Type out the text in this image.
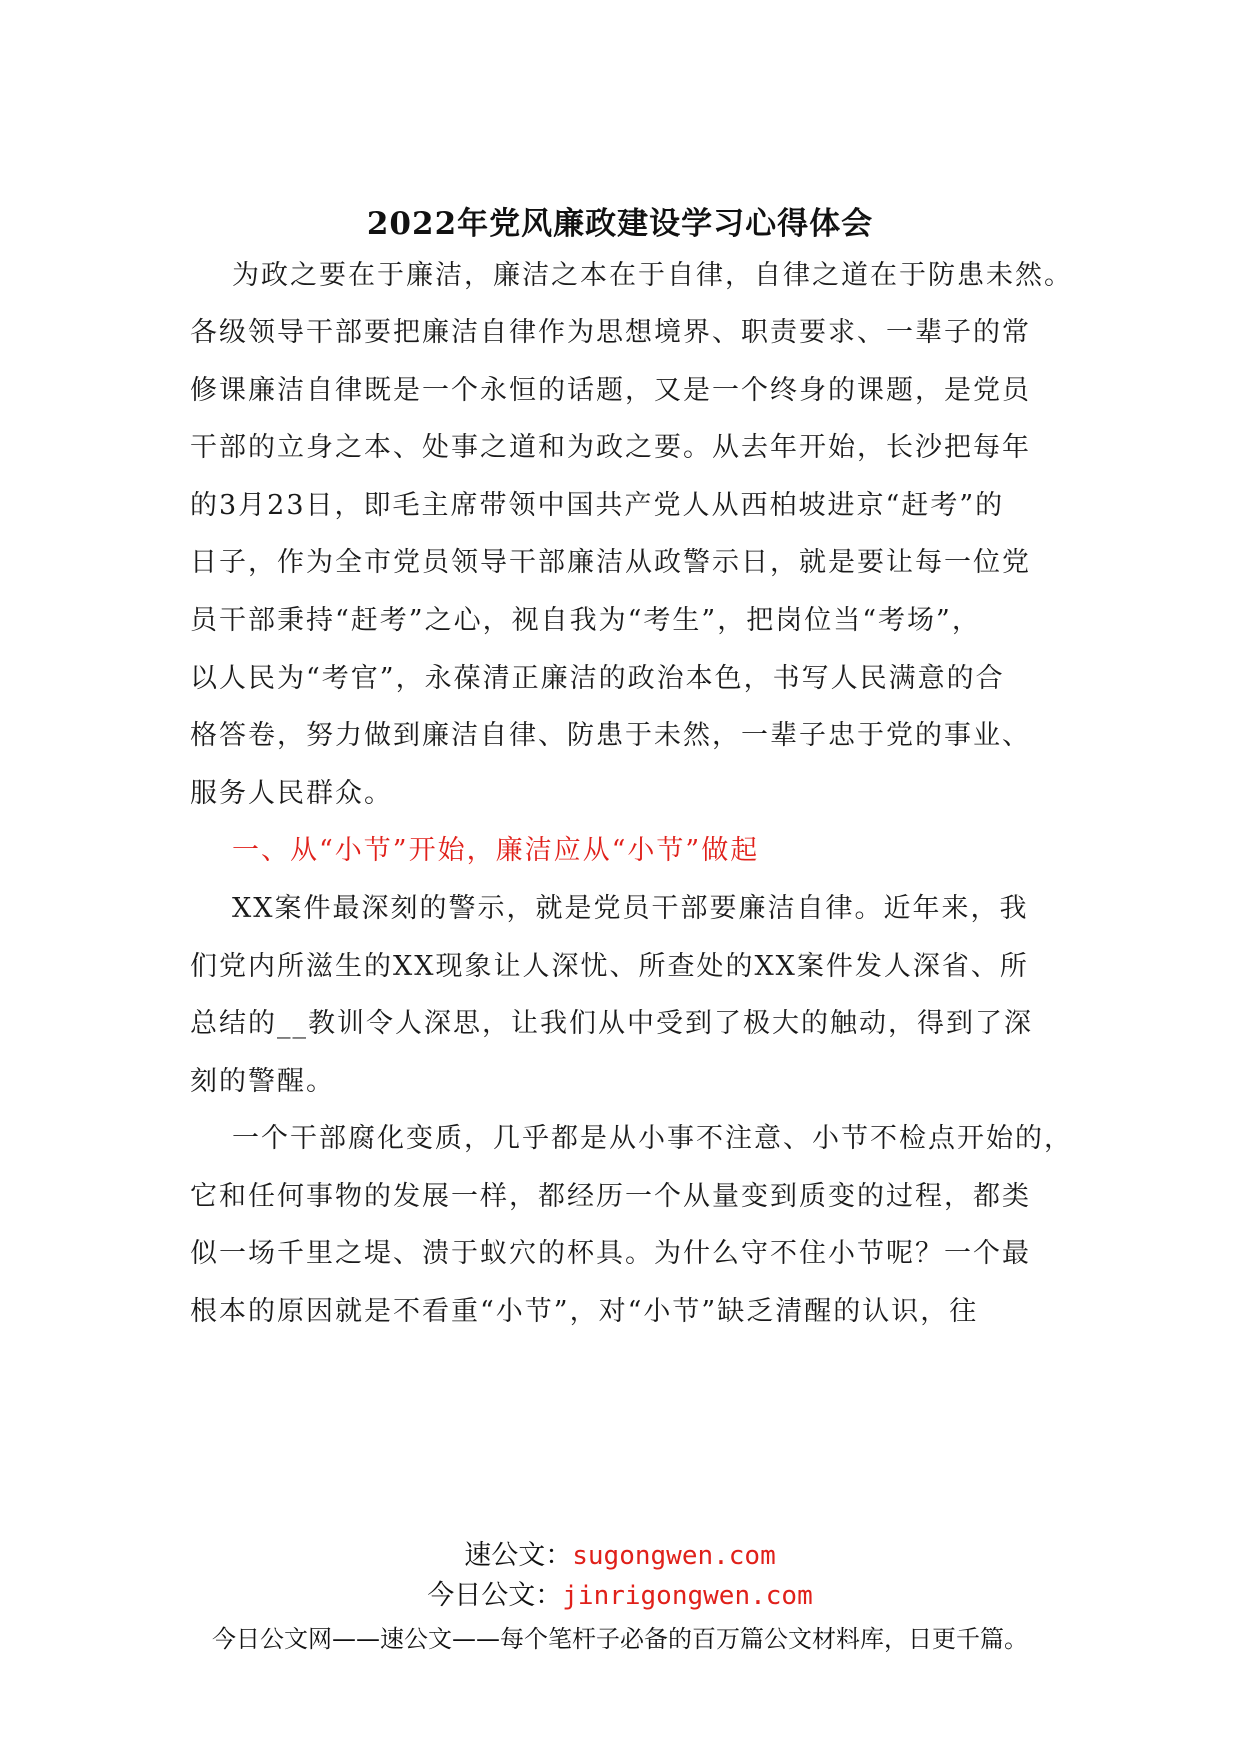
2022年党风廉政建设学习心得体会
为政之要在于廉洁，廉洁之本在于自律，自律之道在于防患未然。
各级领导干部要把廉洁自律作为思想境界、职责要求、一辈子的常
修课廉洁自律既是一个永恒的话题，又是一个终身的课题，是党员
干部的立身之本、处事之道和为政之要。从去年开始，长沙把每年
的3月23日，即毛主席带领中国共产党人从西柏坡进京“赶考”的
日子，作为全市党员领导干部廉洁从政警示日，就是要让每一位党
员干部秉持“赶考”之心，视自我为“考生”，把岗位当“考场”，
以人民为“考官”，永葆清正廉洁的政治本色，书写人民满意的合
格答卷，努力做到廉洁自律、防患于未然，一辈子忠于党的事业、
服务人民群众。
一、从“小节”开始，廉洁应从“小节”做起
XX案件最深刻的警示，就是党员干部要廉洁自律。近年来，我
们党内所滋生的XX现象让人深忧、所查处的XX案件发人深省、所
总结的__教训令人深思，让我们从中受到了极大的触动，得到了深
刻的警醒。
一个干部腐化变质，几乎都是从小事不注意、小节不检点开始的，
它和任何事物的发展一样，都经历一个从量变到质变的过程，都类
似一场千里之堤、溃于蚁穴的杯具。为什么守不住小节呢？一个最
根本的原因就是不看重“小节”，对“小节”缺乏清醒的认识，往
速公文：sugongwen.com
今日公文：jinrigongwen.com
今日公文网——速公文——每个笔杆子必备的百万篇公文材料库，日更千篇。
